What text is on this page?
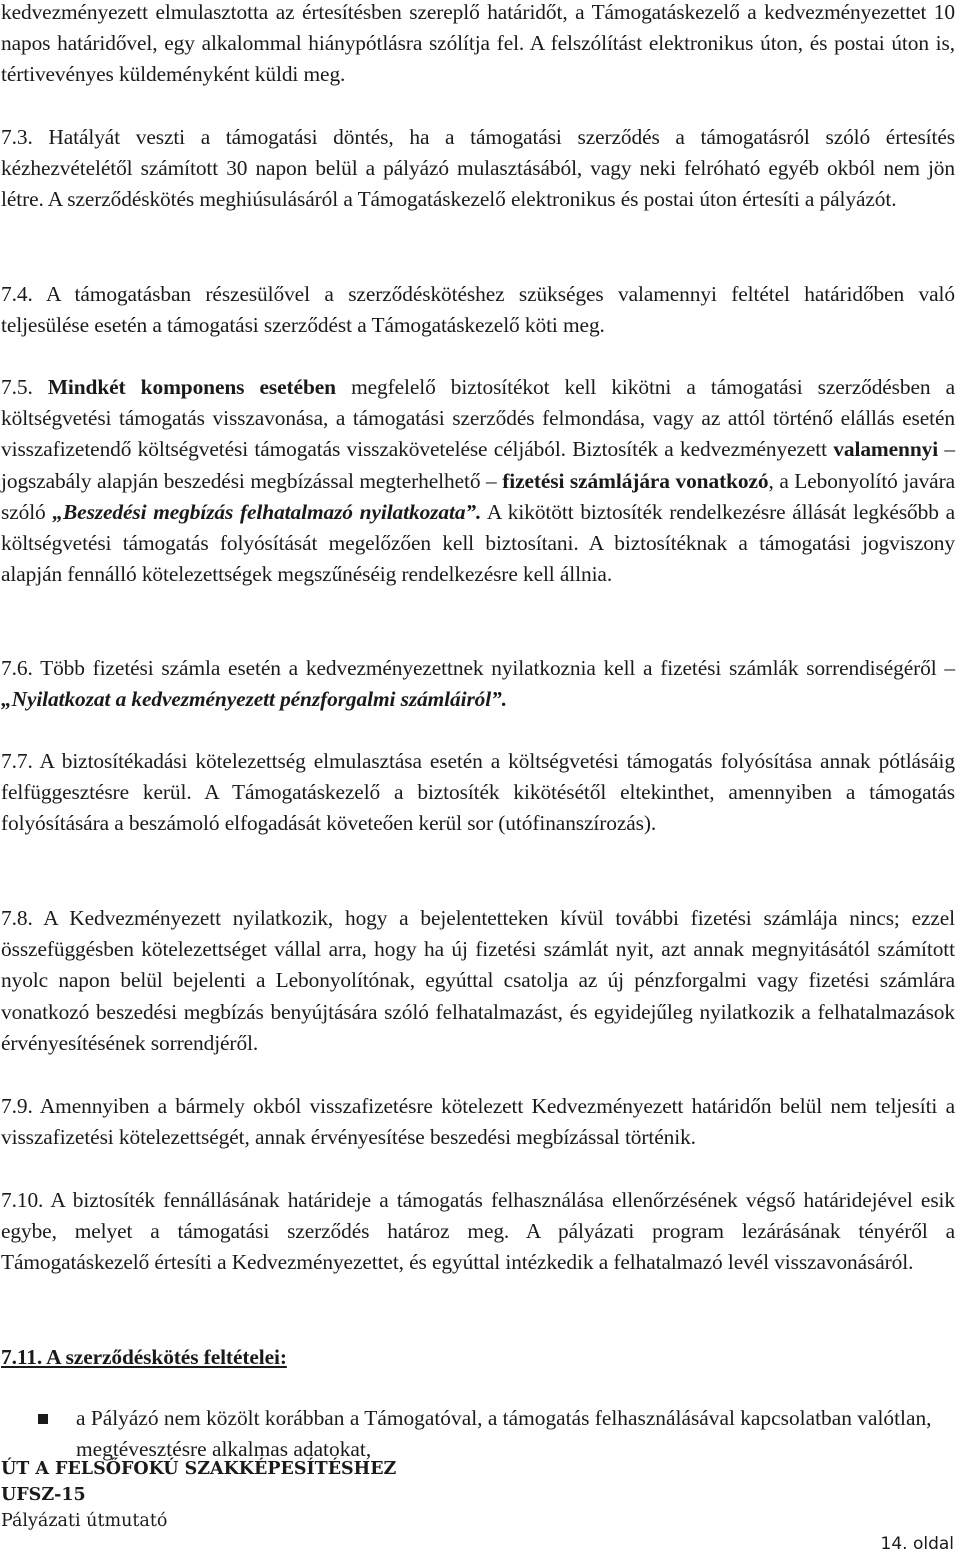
kedvezményezett elmulasztotta az értesítésben szereplő határidőt, a Támogatáskezelő a kedvezményezettet 10 napos határidővel, egy alkalommal hiánypótlásra szólítja fel. A felszólítást elektronikus úton, és postai úton is, tértivevényes küldeményként küldi meg.

7.3. Hatályát veszti a támogatási döntés, ha a támogatási szerződés a támogatásról szóló értesítés kézhezvételétől számított 30 napon belül a pályázó mulasztásából, vagy neki felróható egyéb okból nem jön létre. A szerződéskötés meghiúsulásáról a Támogatáskezelő elektronikus és postai úton értesíti a pályázót.

7.4. A támogatásban részesülővel a szerződéskötéshez szükséges valamennyi feltétel határidőben való teljesülése esetén a támogatási szerződést a Támogatáskezelő köti meg.

7.5. Mindkét komponens esetében megfelelő biztosítékot kell kikötni a támogatási szerződésben a költségvetési támogatás visszavonása, a támogatási szerződés felmondása, vagy az attól történő elállás esetén visszafizetendő költségvetési támogatás visszakövetelése céljából. Biztosíték a kedvezményezett valamennyi – jogszabály alapján beszedési megbízással megterhelhető – fizetési számlájára vonatkozó, a Lebonyolító javára szóló „Beszedési megbízás felhatalmazó nyilatkozata”. A kikötött biztosíték rendelkezésre állását legkésőbb a költségvetési támogatás folyósítását megelőzően kell biztosítani. A biztosítéknak a támogatási jogviszony alapján fennálló kötelezettségek megszűnéséig rendelkezésre kell állnia.

7.6. Több fizetési számla esetén a kedvezményezettnek nyilatkoznia kell a fizetési számlák sorrendiségéről – „Nyilatkozat a kedvezményezett pénzforgalmi számláiról”.

7.7. A biztosítékadási kötelezettség elmulasztása esetén a költségvetési támogatás folyósítása annak pótlásáig felfüggesztésre kerül. A Támogatáskezelő a biztosíték kikötésétől eltekinthet, amennyiben a támogatás folyósítására a beszámoló elfogadását követeően kerül sor (utófinanszírozás).

7.8. A Kedvezményezett nyilatkozik, hogy a bejelentetteken kívül további fizetési számlája nincs; ezzel összefüggésben kötelezettséget vállal arra, hogy ha új fizetési számlát nyit, azt annak megnyitásától számított nyolc napon belül bejelenti a Lebonyolítónak, egyúttal csatolja az új pénzforgalmi vagy fizetési számlára vonatkozó beszedési megbízás benyújtására szóló felhatalmazást, és egyidejűleg nyilatkozik a felhatalmazások érvényesítésének sorrendjéről.

7.9. Amennyiben a bármely okból visszafizetésre kötelezett Kedvezményezett határidőn belül nem teljesíti a visszafizetési kötelezettségét, annak érvényesítése beszedési megbízással történik.

7.10. A biztosíték fennállásának határideje a támogatás felhasználása ellenőrzésének végső határidejével esik egybe, melyet a támogatási szerződés határoz meg. A pályázati program lezárásának tényéről a Támogatáskezelő értesíti a Kedvezményezettet, és egyúttal intézkedik a felhatalmazó levél visszavonásáról.

7.11. A szerződéskötés feltételei:

a Pályázó nem közölt korábban a Támogatóval, a támogatás felhasználásával kapcsolatban valótlan, megtévesztésre alkalmas adatokat,
ÚT A FELSŐFOKÚ SZAKKÉPESÍTÉSHEZ
UFSZ-15
Pályázati útmutató
14. oldal
